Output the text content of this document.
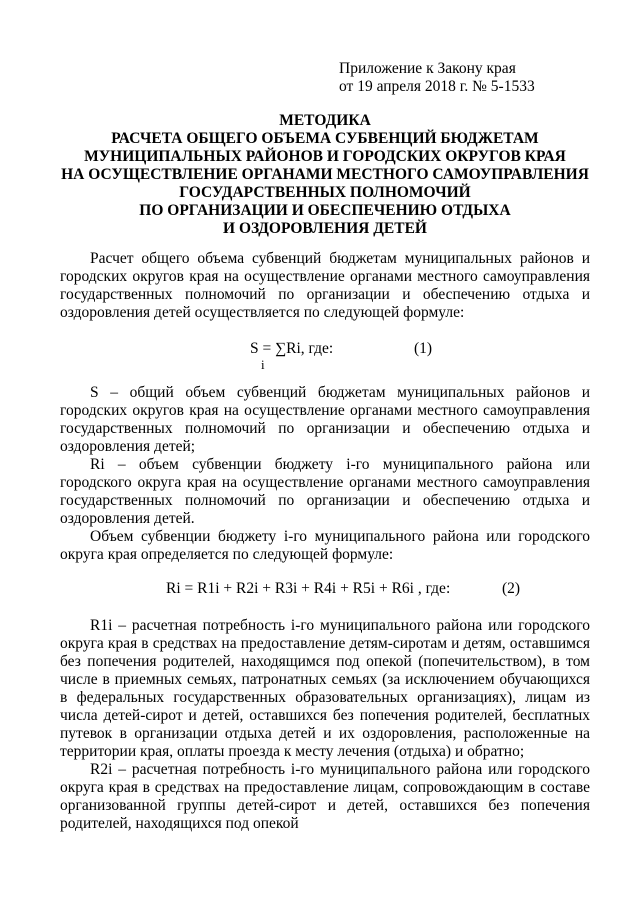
Приложение к Закону края
от 19 апреля 2018 г. № 5-1533
МЕТОДИКА
РАСЧЕТА ОБЩЕГО ОБЪЕМА СУБВЕНЦИЙ БЮДЖЕТАМ
МУНИЦИПАЛЬНЫХ РАЙОНОВ И ГОРОДСКИХ ОКРУГОВ КРАЯ
НА ОСУЩЕСТВЛЕНИЕ ОРГАНАМИ МЕСТНОГО САМОУПРАВЛЕНИЯ
ГОСУДАРСТВЕННЫХ ПОЛНОМОЧИЙ
ПО ОРГАНИЗАЦИИ И ОБЕСПЕЧЕНИЮ ОТДЫХА
И ОЗДОРОВЛЕНИЯ ДЕТЕЙ

Расчет общего объема субвенций бюджетам муниципальных районов и городских округов края на осуществление органами местного самоуправления государственных полномочий по организации и обеспечению отдыха и оздоровления детей осуществляется по следующей формуле:

S = ∑Ri, где:
i
(1)

S – общий объем субвенций бюджетам муниципальных районов и городских округов края на осуществление органами местного самоуправления государственных полномочий по организации и обеспечению отдыха и оздоровления детей;

Ri – объем субвенции бюджету i-го муниципального района или городского округа края на осуществление органами местного самоуправления государственных полномочий по организации и обеспечению отдыха и оздоровления детей.

Объем субвенции бюджету i-го муниципального района или городского округа края определяется по следующей формуле:

Ri = R1i + R2i + R3i + R4i + R5i + R6i , где:	(2)

R1i – расчетная потребность i-го муниципального района или городского округа края в средствах на предоставление детям-сиротам и детям, оставшимся без попечения родителей, находящимся под опекой (попечительством), в том числе в приемных семьях, патронатных семьях (за исключением обучающихся в федеральных государственных образовательных организациях), лицам из числа детей-сирот и детей, оставшихся без попечения родителей, бесплатных путевок в организации отдыха детей и их оздоровления, расположенные на территории края, оплаты проезда к месту лечения (отдыха) и обратно;

R2i – расчетная потребность i-го муниципального района или городского округа края в средствах на предоставление лицам, сопровождающим в составе организованной группы детей-сирот и детей, оставшихся без попечения родителей, находящихся под опекой
